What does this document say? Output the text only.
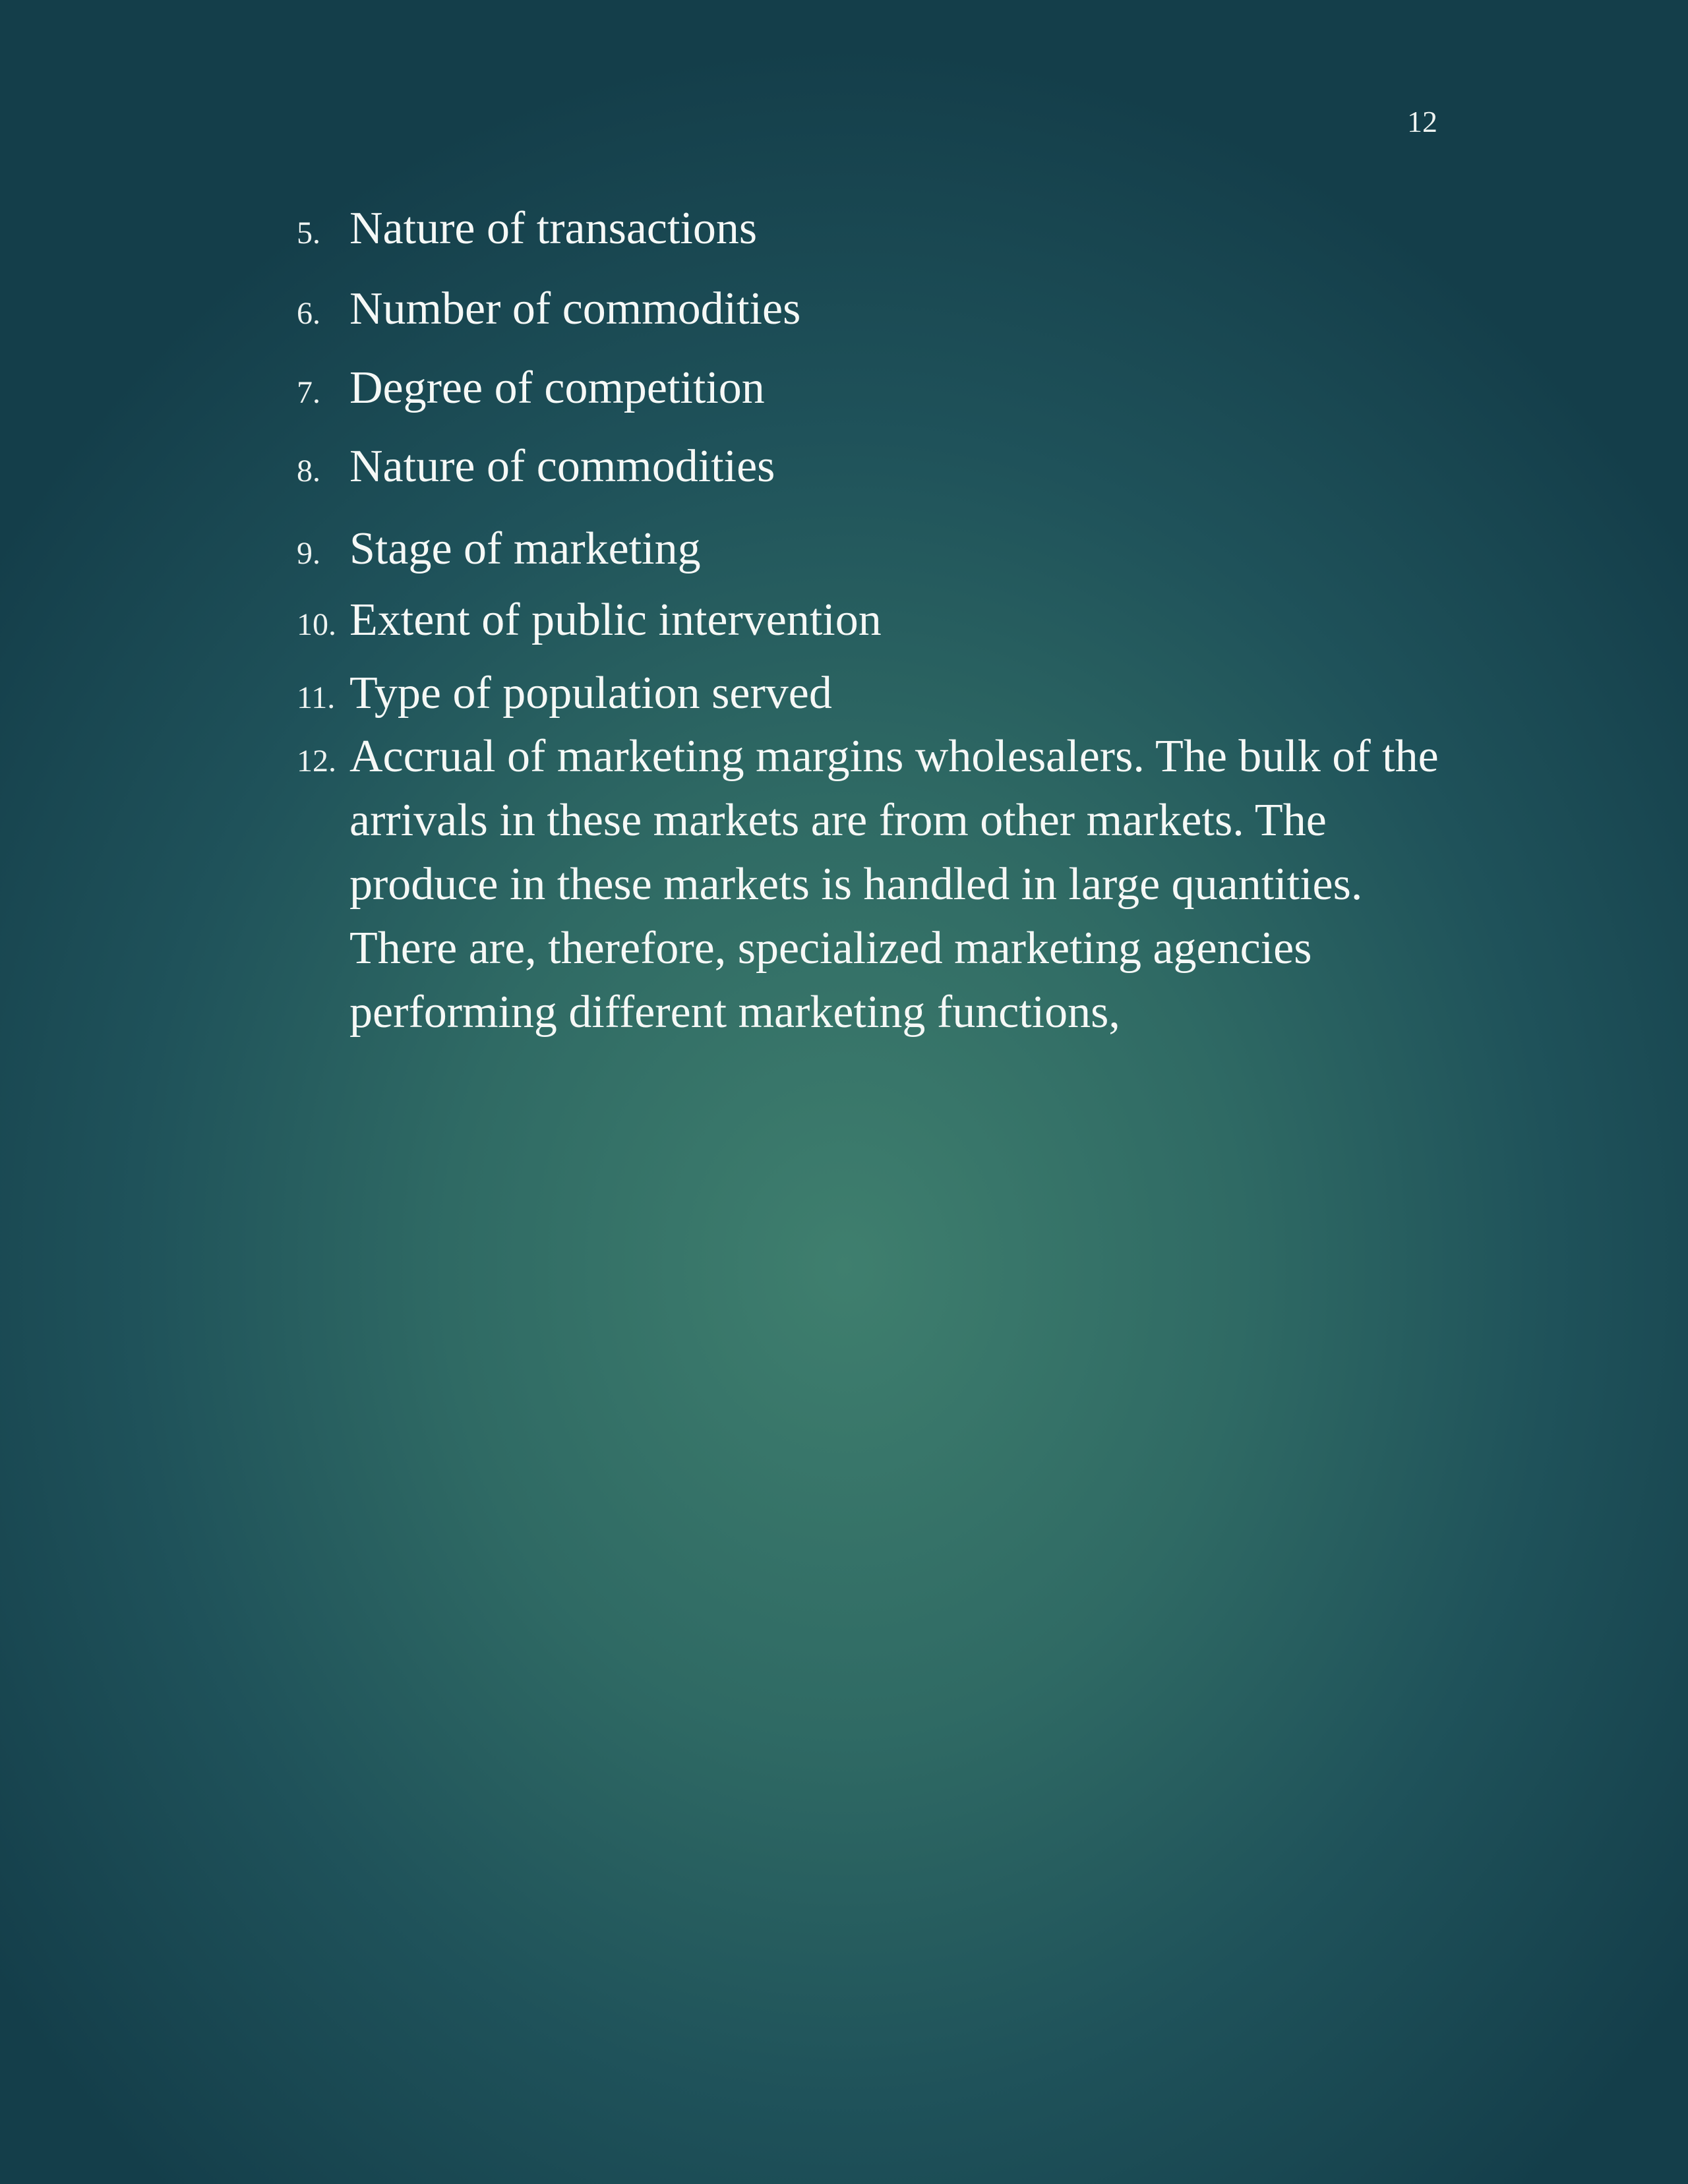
12
5. Nature of transactions
6. Number of commodities
7. Degree of competition
8. Nature of commodities
9. Stage of marketing
10. Extent of public intervention
11. Type of population served
12. Accrual of marketing margins wholesalers. The bulk of the arrivals in these markets are from other markets. The produce in these markets is handled in large quantities. There are, therefore, specialized marketing agencies performing different marketing functions,
